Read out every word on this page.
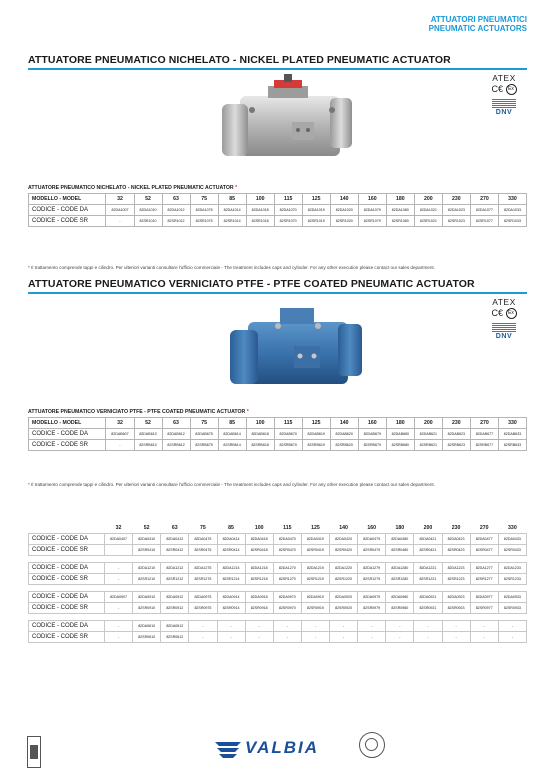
ATTUATORI PNEUMATICI
PNEUMATIC ACTUATORS
ATTUATORE PNEUMATICO NICHELATO - NICKEL PLATED PNEUMATIC ACTUATOR
ATEX
C€ Ex
DNV
ATTUATORE PNEUMATICO NICHELATO - NICKEL PLATED PNEUMATIC ACTUATOR *
MODELLO - MODEL	32	52	63	75	85	100	115	125	140	160	180	200	230	270	330
CODICE - CODE DA	82DA1007	82DA1010	82DA1012	82DA1075	82DA1014	82DA1018	82DA1070	82DA1019	82DA1020	82DA1079	82DA1080	82DA1021	82DA1023	82DA1077	82DA1033
CODICE - CODE SR	-	82SR1010	82SR1012	82SR1075	82SR1014	82SR1018	82SR1070	82SR1019	82SR1020	82SR1079	82SR1080	82SR1021	82SR1023	82SR1077	82SR1033
* Il trattamento comprende tappi e cilindro. Per ulteriori varianti consultare l'ufficio commerciale - The treatment includes caps and cylinder. For any other execution please contact our sales department.
ATTUATORE PNEUMATICO VERNICIATO PTFE - PTFE COATED PNEUMATIC ACTUATOR
ATEX
C€ Ex
DNV
ATTUATORE PNEUMATICO VERNICIATO PTFE - PTFE COATED PNEUMATIC ACTUATOR *
MODELLO - MODEL	32	52	63	75	85	100	115	125	140	160	180	200	230	270	330
CODICE - CODE DA	82DAB607	82DAB610	82DAB612	82DAB675	82DAB614	82DAB618	82DAB670	82DAB619	82DAB620	82DAB679	82DAB680	82DAB621	82DAB623	82DAB677	82DAB633
CODICE - CODE SR	-	82SRB610	82SRB612	82SRB675	82SRB614	82SRB618	82SRB670	82SRB619	82SRB620	82SRB679	82SRB680	82SRB621	82SRB623	82SRB677	82SRB633
* Il trattamento comprende tappi e cilindro. Per ulteriori varianti consultare l'ufficio commerciale - The treatment includes caps and cylinder. For any other execution please contact our sales department.
	32	52	63	75	85	100	115	125	140	160	180	200	230	270	330
CODICE - CODE DA	82DA0407	82DA0410	82DA0412	82DA0475	82DA0414	82DA0418	82DA0470	82DA0419	82DA0420	82DA0479	82DA0480	82DA0421	82DA0423	82DA0477	82DA0433
CODICE - CODE SR		82SR0410	82SR0412	82SR0475	82SR0414	82SR0418	82SR0470	82SR0419	82SR0420	82SR0479	82SR0480	82SR0421	82SR0423	82SR0477	82SR0433

CODICE - CODE DA	-	82DA1210	82DA1212	82DA1275	82DA1214	82DA1218	82DA1270	82DA1219	82DA1220	82DA1279	82DA1280	82DA1221	82DA1223	82DA1277	82DA1233
CODICE - CODE SR	-	82SR1210	82SR1212	82SR1275	82SR1214	82SR1218	82SR1270	82SR1219	82SR1220	82SR1279	82SR1280	82SR1221	82SR1223	82SR1277	82SR1233

CODICE - CODE DA	82DA0907	82DA0910	82DA0912	82DA0975	82DA0914	82DA0918	82DA0970	82DA0919	82DA0920	82DA0979	82DA0980	82DA0921	82DA0923	82DA0977	82DA0933
CODICE - CODE SR	-	82SR0910	82SR0912	82SR0975	82SR0914	82SR0918	82SR0970	82SR0919	82SR0920	82SR0979	82SR0980	82SR0921	82SR0923	82SR0977	82SR0933

CODICE - CODE DA	-	82DA0610	82DA0612	-	-	-	-	-	-	-	-	-	-	-	-
CODICE - CODE SR	-	82SR0610	82SR0612	-	-	-	-	-	-	-	-	-	-	-	-
VALBIA
